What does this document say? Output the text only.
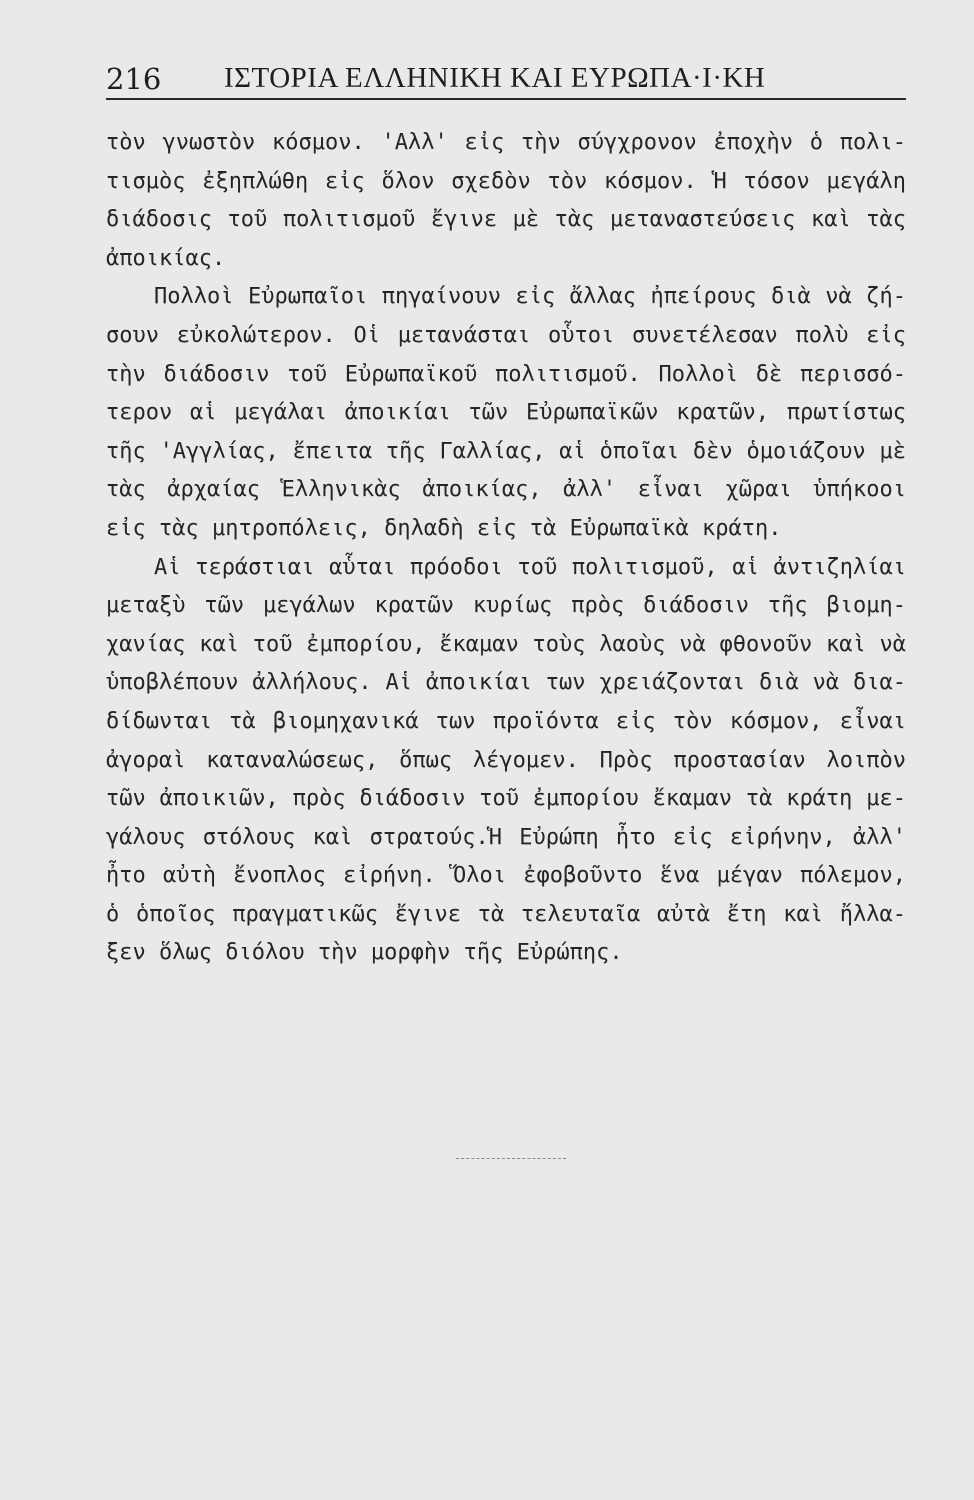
216 ΙΣΤΟΡΙΑ ΕΛΛΗΝΙΚΗ ΚΑΙ ΕΥΡΩΠΑ·Ι·ΚΗ
τὸν γνωστὸν κόσμον. 'Αλλ' εἰς τὴν σύγχρονον ἐποχὴν ὁ πολι-
τισμὸς ἐξηπλώθη εἰς ὅλον σχεδὸν τὸν κόσμον. Ἡ τόσον μεγάλη
διάδοσις τοῦ πολιτισμοῦ ἔγινε μὲ τὰς μεταναστεύσεις καὶ τὰς
ἀποικίας.
Πολλοὶ Εὐρωπαῖοι πηγαίνουν εἰς ἄλλας ἠπείρους διὰ νὰ ζή-
σουν εὐκολώτερον. Οἱ μετανάσται οὗτοι συνετέλεσαν πολὺ εἰς
τὴν διάδοσιν τοῦ Εὐρωπαϊκοῦ πολιτισμοῦ. Πολλοὶ δὲ περισσό-
τερον αἱ μεγάλαι ἀποικίαι τῶν Εὐρωπαϊκῶν κρατῶν, πρωτίστως
τῆς 'Αγγλίας, ἔπειτα τῆς Γαλλίας, αἱ ὁποῖαι δὲν ὁμοιάζουν μὲ
τὰς ἀρχαίας Ἑλληνικὰς ἀποικίας, ἀλλ' εἶναι χῶραι ὑπήκοοι
εἰς τὰς μητροπόλεις, δηλαδὴ εἰς τὰ Εὐρωπαϊκὰ κράτη.
Αἱ τεράστιαι αὗται πρόοδοι τοῦ πολιτισμοῦ, αἱ ἀντιζηλίαι
μεταξὺ τῶν μεγάλων κρατῶν κυρίως πρὸς διάδοσιν τῆς βιομη-
χανίας καὶ τοῦ ἐμπορίου, ἔκαμαν τοὺς λαοὺς νὰ φθονοῦν καὶ νὰ
ὑποβλέπουν ἀλλήλους. Αἱ ἀποικίαι των χρειάζονται διὰ νὰ δια-
δίδωνται τὰ βιομηχανικά των προϊόντα εἰς τὸν κόσμον, εἶναι
ἀγοραὶ καταναλώσεως, ὅπως λέγομεν. Πρὸς προστασίαν λοιπὸν
τῶν ἀποικιῶν, πρὸς διάδοσιν τοῦ ἐμπορίου ἔκαμαν τὰ κράτη με-
γάλους στόλους καὶ στρατούς.Ἡ Εὐρώπη ἦτο εἰς εἰρήνην, ἀλλ'
ἦτο αὐτὴ ἔνοπλος εἰρήνη. Ὅλοι ἐφοβοῦντο ἕνα μέγαν πόλεμον,
ὁ ὁποῖος πραγματικῶς ἔγινε τὰ τελευταῖα αὐτὰ ἔτη καὶ ἤλλα-
ξεν ὅλως διόλου τὴν μορφὴν τῆς Εὐρώπης.
